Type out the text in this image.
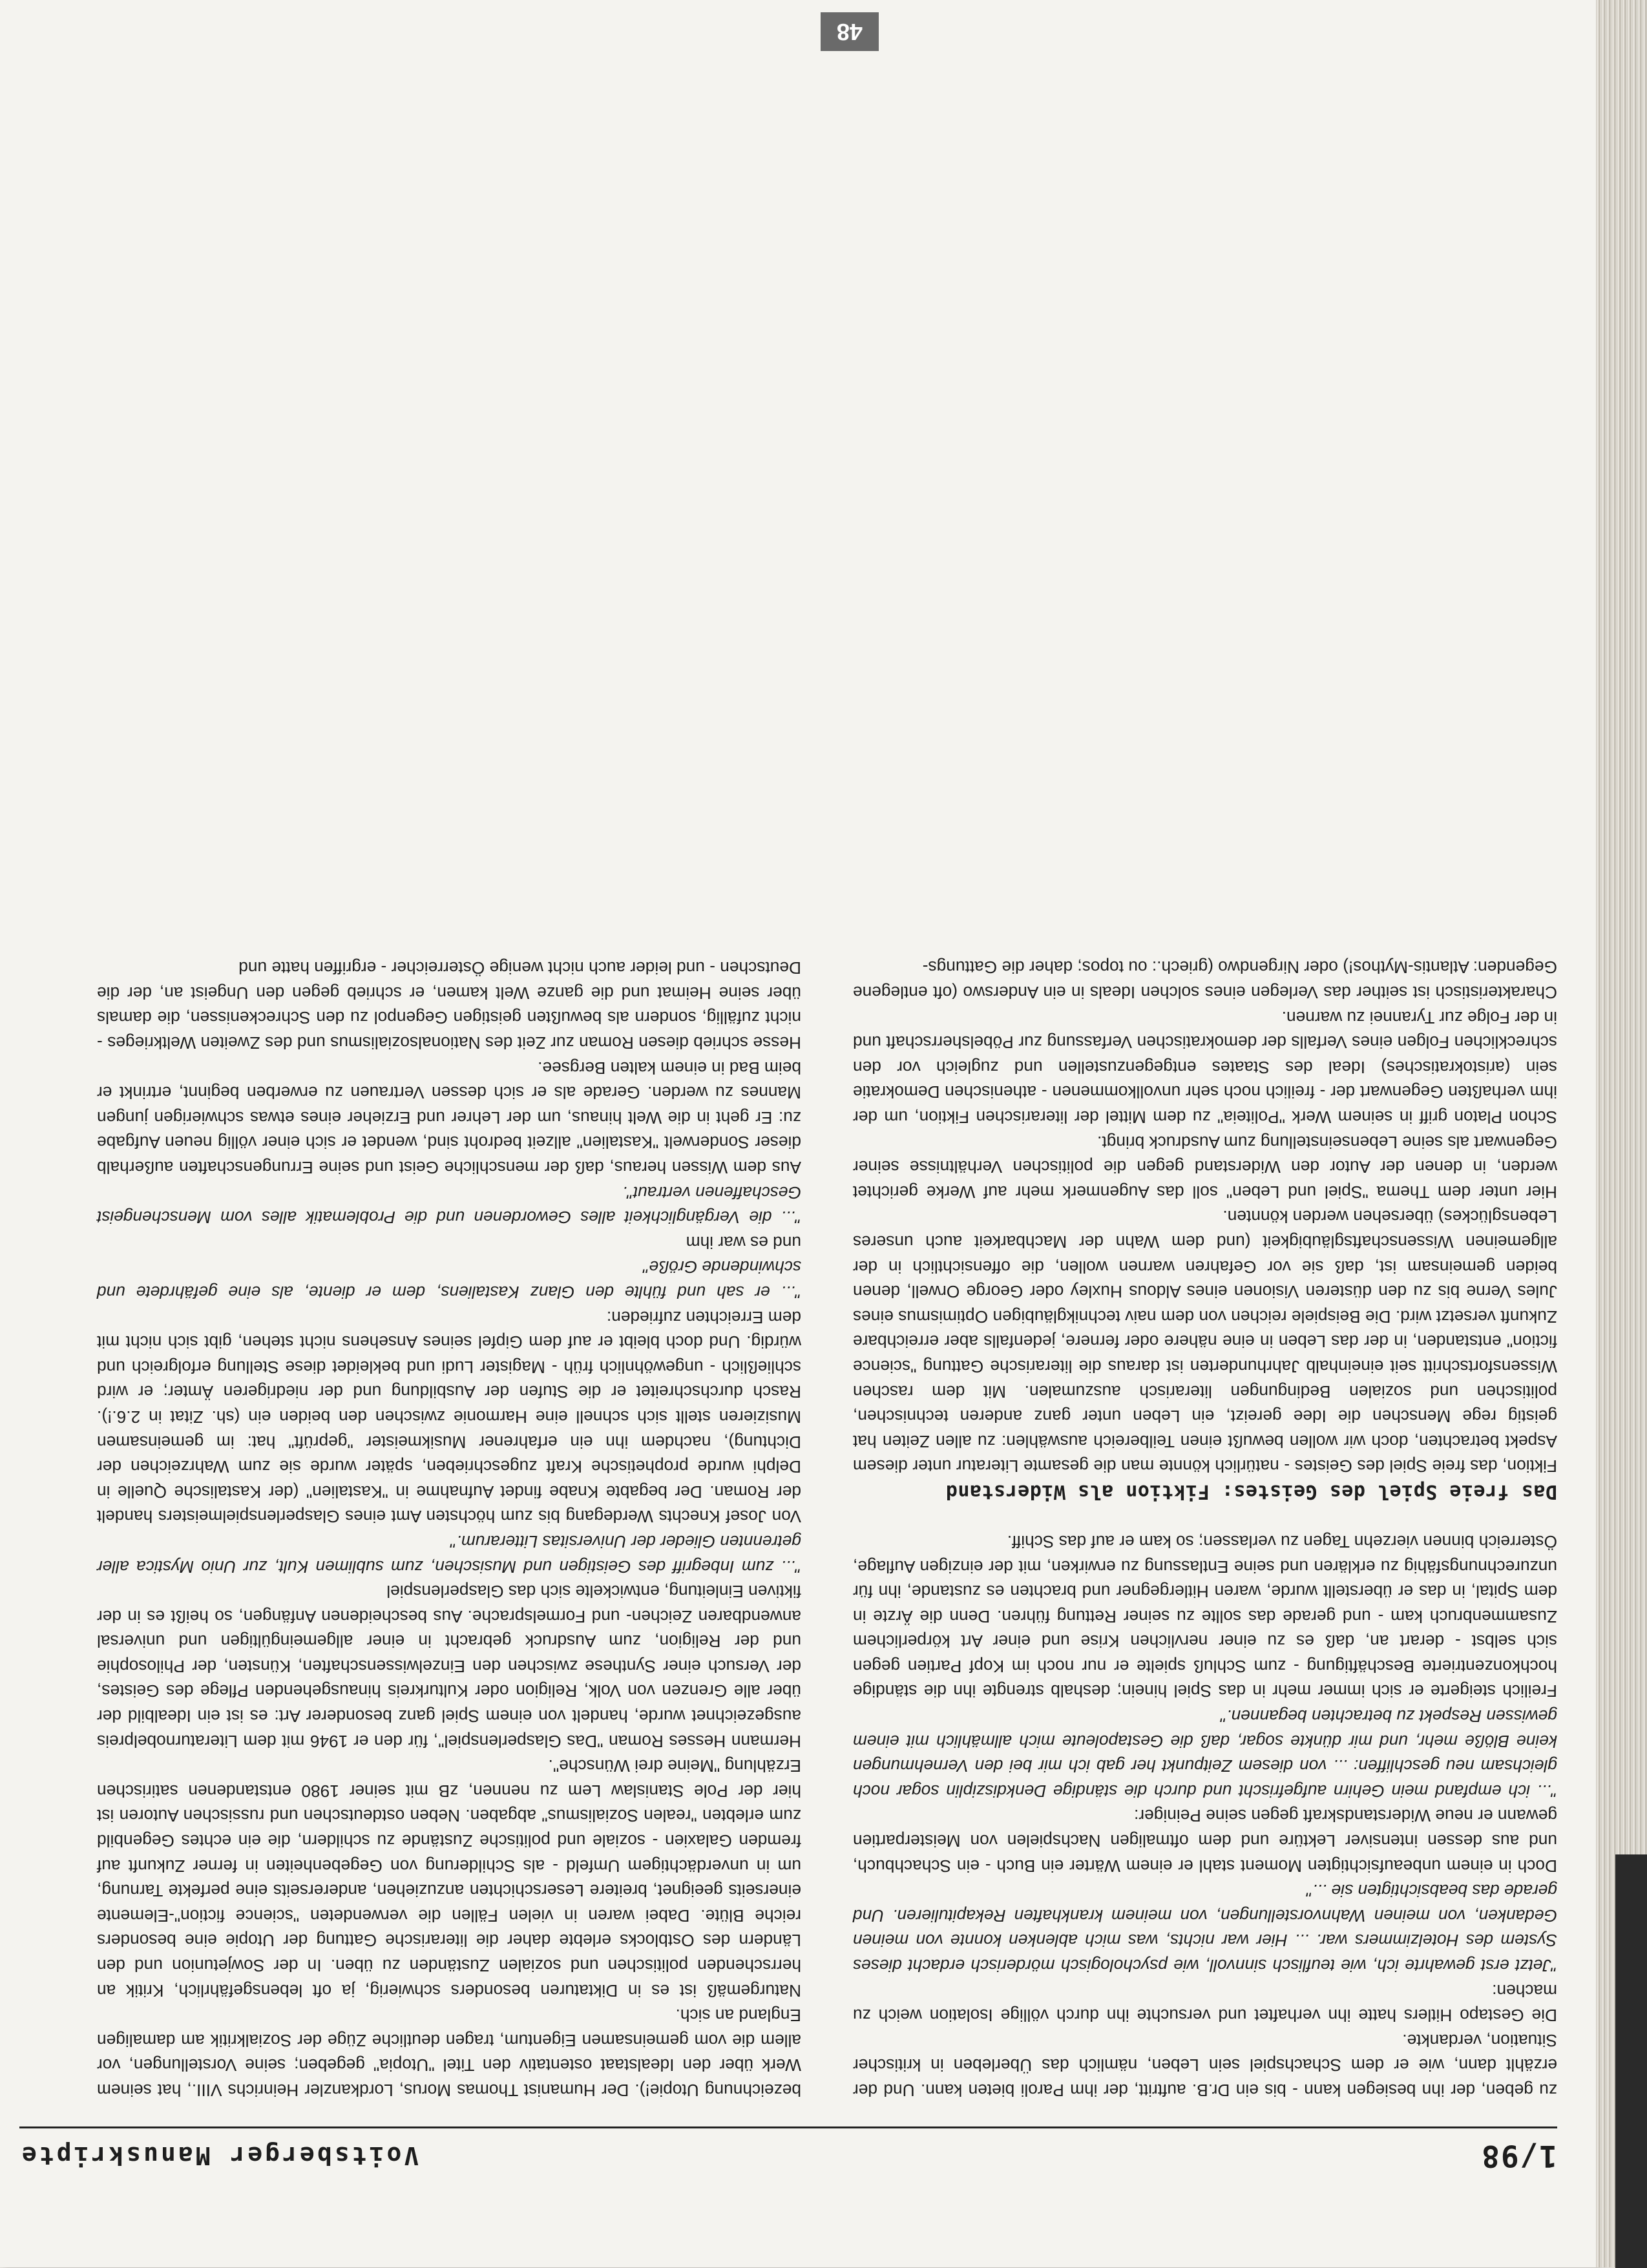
48
1/98
Voitsberger Manuskripte

zu geben, der ihn besiegen kann - bis ein Dr.B. auftritt, der ihm Paroli bieten kann. Und der erzählt dann, wie er dem Schachspiel sein Leben, nämlich das Überleben in kritischer Situation, verdankte.

Die Gestapo Hitlers hatte ihn verhaftet und versuchte ihn durch völlige Isolation weich zu machen:

"Jetzt erst gewahrte ich, wie teuflisch sinnvoll, wie psychologisch mörderisch erdacht dieses System des Hotelzimmers war. ... Hier war nichts, was mich ablenken konnte von meinen Gedanken, von meinen Wahnvorstellungen, von meinem krankhaften Rekapitulieren. Und gerade das beabsichtigten sie ..."

Doch in einem unbeaufsichtigten Moment stahl er einem Wärter ein Buch - ein Schachbuch, und aus dessen intensiver Lektüre und dem oftmaligen Nachspielen von Meisterpartien gewann er neue Widerstandskraft gegen seine Peiniger:

"... ich empfand mein Gehirn aufgefrischt und durch die ständige Denkdisziplin sogar noch gleichsam neu geschliffen: ... von diesem Zeitpunkt her gab ich mir bei den Vernehmungen keine Blöße mehr, und mir dünkte sogar, daß die Gestapoleute mich allmählich mit einem gewissen Respekt zu betrachten begannen."

Freilich steigerte er sich immer mehr in das Spiel hinein; deshalb strengte ihn die ständige hochkonzentrierte Beschäftigung - zum Schluß spielte er nur noch im Kopf Partien gegen sich selbst - derart an, daß es zu einer nervlichen Krise und einer Art körperlichem Zusammenbruch kam - und gerade das sollte zu seiner Rettung führen. Denn die Ärzte in dem Spital, in das er überstellt wurde, waren Hitlergegner und brachten es zustande, ihn für unzurechnungsfähig zu erklären und seine Entlassung zu erwirken, mit der einzigen Auflage, Österreich binnen vierzehn Tagen zu verlassen; so kam er auf das Schiff.

Das freie Spiel des Geistes: Fiktion als Widerstand

Fiktion, das freie Spiel des Geistes - natürlich könnte man die gesamte Literatur unter diesem Aspekt betrachten, doch wir wollen bewußt einen Teilbereich auswählen: zu allen Zeiten hat geistig rege Menschen die Idee gereizt, ein Leben unter ganz anderen technischen, politischen und sozialen Bedingungen literarisch auszumalen. Mit dem raschen Wissensfortschritt seit eineinhalb Jahrhunderten ist daraus die literarische Gattung "science fiction" entstanden, in der das Leben in eine nähere oder fernere, jedenfalls aber erreichbare Zukunft versetzt wird. Die Beispiele reichen von dem naiv technikgläubigen Optimismus eines Jules Verne bis zu den düsteren Visionen eines Aldous Huxley oder George Orwell, denen beiden gemeinsam ist, daß sie vor Gefahren warnen wollen, die offensichtlich in der allgemeinen Wissenschaftsgläubigkeit (und dem Wahn der Machbarkeit auch unseres Lebensglückes) übersehen werden könnten.

Hier unter dem Thema "Spiel und Leben" soll das Augenmerk mehr auf Werke gerichtet werden, in denen der Autor den Widerstand gegen die politischen Verhältnisse seiner Gegenwart als seine Lebenseinstellung zum Ausdruck bringt.

Schon Platon griff in seinem Werk "Politeia" zu dem Mittel der literarischen Fiktion, um der ihm verhaßten Gegenwart der - freilich noch sehr unvollkommenen - athenischen Demokratie sein (aristokratisches) Ideal des Staates entgegenzustellen und zugleich vor den schrecklichen Folgen eines Verfalls der demokratischen Verfassung zur Pöbelsherrschaft und in der Folge zur Tyrannei zu warnen.

Charakteristisch ist seither das Verlegen eines solchen Ideals in ein Anderswo (oft entlegene Gegenden: Atlantis-Mythos!) oder Nirgendwo (griech.: ou topos; daher die Gattungs-

bezeichnung Utopie!). Der Humanist Thomas Morus, Lordkanzler Heinrichs VIII., hat seinem Werk über den Idealstaat ostentativ den Titel "Utopia" gegeben; seine Vorstellungen, vor allem die vom gemeinsamen Eigentum, tragen deutliche Züge der Sozialkritik am damaligen England an sich.

Naturgemäß ist es in Diktaturen besonders schwierig, ja oft lebensgefährlich, Kritik an herrschenden politischen und sozialen Zuständen zu üben. In der Sowjetunion und den Ländern des Ostblocks erlebte daher die literarische Gattung der Utopie eine besonders reiche Blüte. Dabei waren in vielen Fällen die verwendeten "science fiction"-Elemente einerseits geeignet, breitere Leserschichten anzuziehen, andererseits eine perfekte Tarnung, um in unverdächtigem Umfeld - als Schilderung von Gegebenheiten in ferner Zukunft auf fremden Galaxien - soziale und politische Zustände zu schildern, die ein echtes Gegenbild zum erlebten "realen Sozialismus" abgaben. Neben ostdeutschen und russischen Autoren ist hier der Pole Stanislaw Lem zu nennen, zB mit seiner 1980 entstandenen satirischen Erzählung "Meine drei Wünsche".

Hermann Hesses Roman "Das Glasperlenspiel", für den er 1946 mit dem Literaturnobelpreis ausgezeichnet wurde, handelt von einem Spiel ganz besonderer Art: es ist ein Idealbild der über alle Grenzen von Volk, Religion oder Kulturkreis hinausgehenden Pflege des Geistes, der Versuch einer Synthese zwischen den Einzelwissenschaften, Künsten, der Philosophie und der Religion, zum Ausdruck gebracht in einer allgemeingültigen und universal anwendbaren Zeichen- und Formelsprache. Aus bescheidenen Anfängen, so heißt es in der fiktiven Einleitung, entwickelte sich das Glasperlenspiel

"... zum Inbegriff des Geistigen und Musischen, zum sublimen Kult, zur Unio Mystica aller getrennten Glieder der Universitas Litterarum."

Von Josef Knechts Werdegang bis zum höchsten Amt eines Glasperlenspielmeisters handelt der Roman. Der begabte Knabe findet Aufnahme in "Kastalien" (der Kastalische Quelle in Delphi wurde prophetische Kraft zugeschrieben, später wurde sie zum Wahrzeichen der Dichtung), nachdem ihn ein erfahrener Musikmeister "geprüft" hat: im gemeinsamen Musizieren stellt sich schnell eine Harmonie zwischen den beiden ein (sh. Zitat in 2.6.!). Rasch durchschreitet er die Stufen der Ausbildung und der niedrigeren Ämter; er wird schließlich - ungewöhnlich früh - Magister Ludi und bekleidet diese Stellung erfolgreich und würdig. Und doch bleibt er auf dem Gipfel seines Ansehens nicht stehen, gibt sich nicht mit dem Erreichten zufrieden:

"... er sah und fühlte den Glanz Kastaliens, dem er diente, als eine gefährdete und schwindende Größe"

und es war ihm

"... die Vergänglichkeit alles Gewordenen und die Problematik alles vom Menschengeist Geschaffenen vertraut".

Aus dem Wissen heraus, daß der menschliche Geist und seine Errungenschaften außerhalb dieser Sonderwelt "Kastalien" allzeit bedroht sind, wendet er sich einer völlig neuen Aufgabe zu: Er geht in die Welt hinaus, um der Lehrer und Erzieher eines etwas schwierigen jungen Mannes zu werden. Gerade als er sich dessen Vertrauen zu erwerben beginnt, ertrinkt er beim Bad in einem kalten Bergsee.

Hesse schrieb diesen Roman zur Zeit des Nationalsozialismus und des Zweiten Weltkrieges - nicht zufällig, sondern als bewußten geistigen Gegenpol zu den Schreckenissen, die damals über seine Heimat und die ganze Welt kamen, er schrieb gegen den Ungeist an, der die Deutschen - und leider auch nicht wenige Österreicher - ergriffen hatte und
